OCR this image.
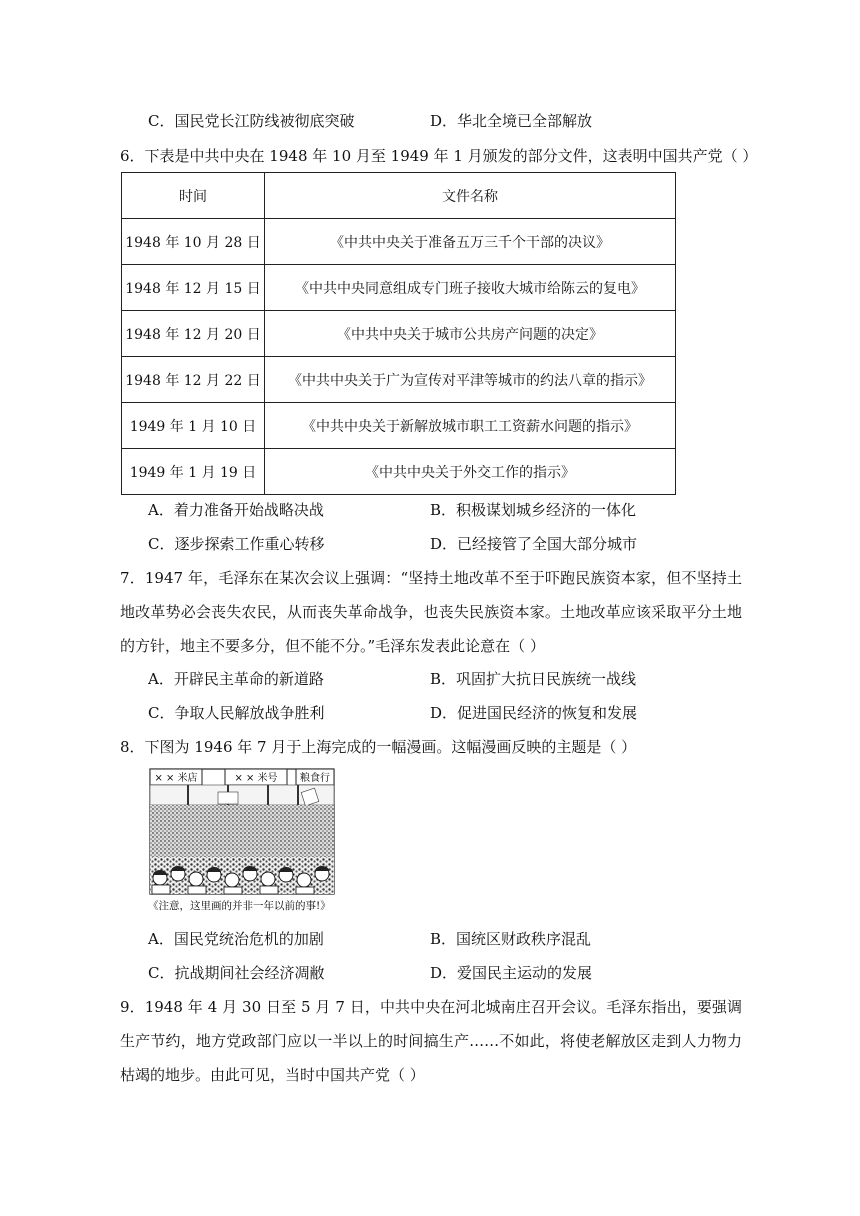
C．国民党长江防线被彻底突破	D．华北全境已全部解放
6．下表是中共中央在 1948 年 10 月至 1949 年 1 月颁发的部分文件，这表明中国共产党（ ）
时间	文件名称
1948 年 10 月 28 日	《中共中央关于准备五万三千个干部的决议》
1948 年 12 月 15 日	《中共中央同意组成专门班子接收大城市给陈云的复电》
1948 年 12 月 20 日	《中共中央关于城市公共房产问题的决定》
1948 年 12 月 22 日	《中共中央关于广为宣传对平津等城市的约法八章的指示》
1949 年 1 月 10 日	《中共中央关于新解放城市职工工资薪水问题的指示》
1949 年 1 月 19 日	《中共中央关于外交工作的指示》
A．着力准备开始战略决战	B．积极谋划城乡经济的一体化
C．逐步探索工作重心转移	D．已经接管了全国大部分城市
7．1947 年，毛泽东在某次会议上强调：“坚持土地改革不至于吓跑民族资本家，但不坚持土地改革势必会丧失农民，从而丧失革命战争，也丧失民族资本家。土地改革应该采取平分土地的方针，地主不要多分，但不能不分。”毛泽东发表此论意在（ ）
A．开辟民主革命的新道路	B．巩固扩大抗日民族统一战线
C．争取人民解放战争胜利	D．促进国民经济的恢复和发展
8．下图为 1946 年 7 月于上海完成的一幅漫画。这幅漫画反映的主题是（ ）
× × 米店	× × 米号 粮食行
《注意，这里画的并非一年以前的事!》
A．国民党统治危机的加剧	B．国统区财政秩序混乱
C．抗战期间社会经济凋敝	D．爱国民主运动的发展
9．1948 年 4 月 30 日至 5 月 7 日，中共中央在河北城南庄召开会议。毛泽东指出，要强调生产节约，地方党政部门应以一半以上的时间搞生产……不如此，将使老解放区走到人力物力枯竭的地步。由此可见，当时中国共产党（ ）
